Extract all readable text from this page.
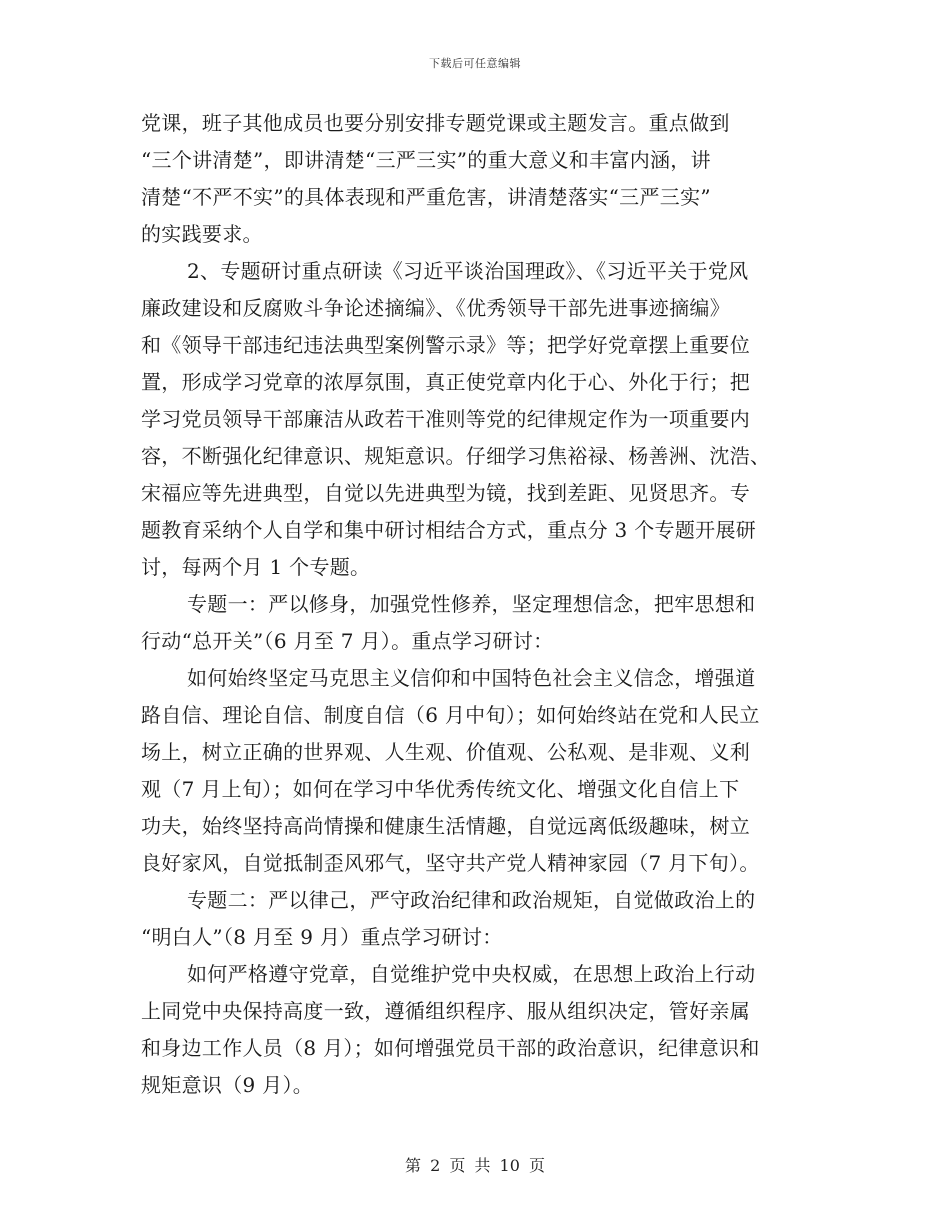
下载后可任意编辑
党课，班子其他成员也要分别安排专题党课或主题发言。重点做到
“三个讲清楚”，即讲清楚“三严三实”的重大意义和丰富内涵，讲
清楚“不严不实”的具体表现和严重危害，讲清楚落实“三严三实”
的实践要求。
2、专题研讨重点研读《习近平谈治国理政》、《习近平关于党风
廉政建设和反腐败斗争论述摘编》、《优秀领导干部先进事迹摘编》
和《领导干部违纪违法典型案例警示录》等；把学好党章摆上重要位
置，形成学习党章的浓厚氛围，真正使党章内化于心、外化于行；把
学习党员领导干部廉洁从政若干准则等党的纪律规定作为一项重要内
容，不断强化纪律意识、规矩意识。仔细学习焦裕禄、杨善洲、沈浩、
宋福应等先进典型，自觉以先进典型为镜，找到差距、见贤思齐。专
题教育采纳个人自学和集中研讨相结合方式，重点分 3 个专题开展研
讨，每两个月 1 个专题。
专题一：严以修身，加强党性修养，坚定理想信念，把牢思想和
行动“总开关”（6 月至 7 月）。重点学习研讨：
如何始终坚定马克思主义信仰和中国特色社会主义信念，增强道
路自信、理论自信、制度自信（6 月中旬）；如何始终站在党和人民立
场上，树立正确的世界观、人生观、价值观、公私观、是非观、义利
观（7 月上旬）；如何在学习中华优秀传统文化、增强文化自信上下
功夫，始终坚持高尚情操和健康生活情趣，自觉远离低级趣味，树立
良好家风，自觉抵制歪风邪气，坚守共产党人精神家园（7 月下旬）。
专题二：严以律己，严守政治纪律和政治规矩，自觉做政治上的
“明白人”（8 月至 9 月）重点学习研讨：
如何严格遵守党章，自觉维护党中央权威，在思想上政治上行动
上同党中央保持高度一致，遵循组织程序、服从组织决定，管好亲属
和身边工作人员（8 月）；如何增强党员干部的政治意识，纪律意识和
规矩意识（9 月）。
第 2 页 共 10 页
